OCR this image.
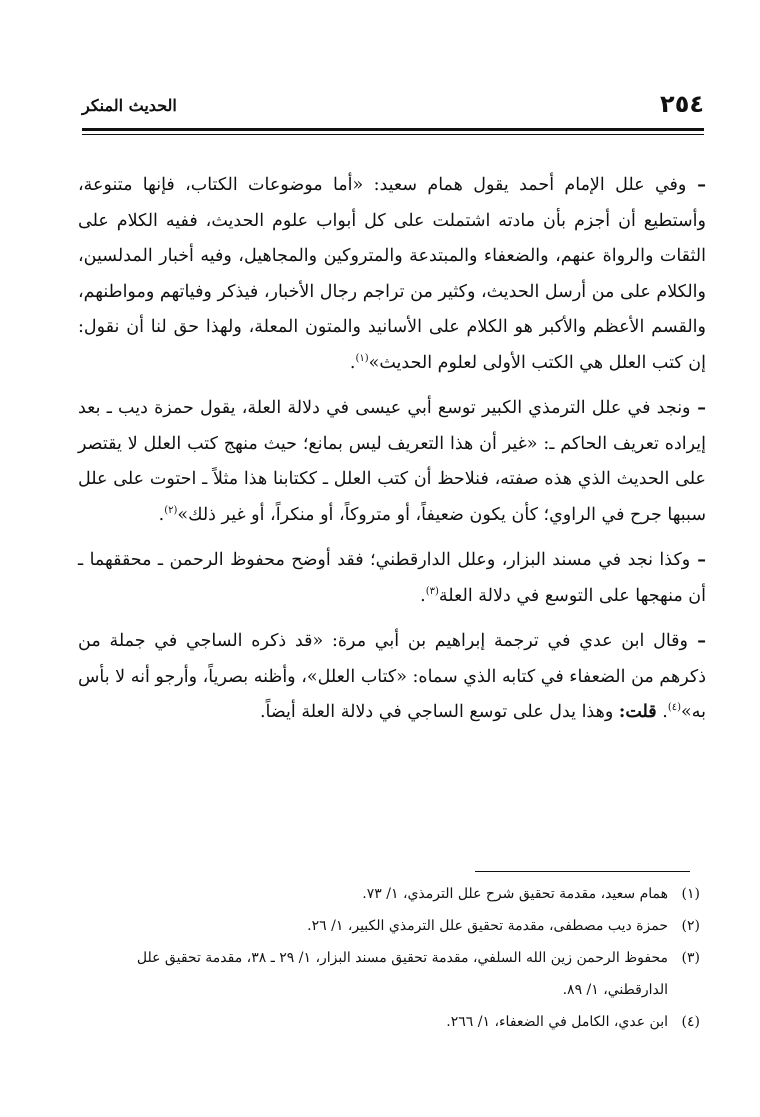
٢٥٤
الحديث المنكر

– وفي علل الإمام أحمد يقول همام سعيد: «أما موضوعات الكتاب، فإنها متنوعة، وأستطيع أن أجزم بأن مادته اشتملت على كل أبواب علوم الحديث، ففيه الكلام على الثقات والرواة عنهم، والضعفاء والمبتدعة والمتروكين والمجاهيل، وفيه أخبار المدلسين، والكلام على من أرسل الحديث، وكثير من تراجم رجال الأخبار، فيذكر وفياتهم ومواطنهم، والقسم الأعظم والأكبر هو الكلام على الأسانيد والمتون المعلة، ولهذا حق لنا أن نقول: إن كتب العلل هي الكتب الأولى لعلوم الحديث»$^{(١)}$.

– ونجد في علل الترمذي الكبير توسع أبي عيسى في دلالة العلة، يقول حمزة ديب ـ بعد إيراده تعريف الحاكم ـ: «غير أن هذا التعريف ليس بمانع؛ حيث منهج كتب العلل لا يقتصر على الحديث الذي هذه صفته، فنلاحظ أن كتب العلل ـ ككتابنا هذا مثلاً ـ احتوت على علل سببها جرح في الراوي؛ كأن يكون ضعيفاً، أو متروكاً، أو منكراً، أو غير ذلك»$^{(٢)}$.

– وكذا نجد في مسند البزار، وعلل الدارقطني؛ فقد أوضح محفوظ الرحمن ـ محققهما ـ أن منهجها على التوسع في دلالة العلة$^{(٣)}$.

– وقال ابن عدي في ترجمة إبراهيم بن أبي مرة: «قد ذكره الساجي في جملة من ذكرهم من الضعفاء في كتابه الذي سماه: «كتاب العلل»، وأظنه بصرياً، وأرجو أنه لا بأس به»$^{(٤)}$. قلت: وهذا يدل على توسع الساجي في دلالة العلة أيضاً.

(١)
همام سعيد، مقدمة تحقيق شرح علل الترمذي، ١/ ٧٣.
(٢)
حمزة ديب مصطفى، مقدمة تحقيق علل الترمذي الكبير، ١/ ٢٦.
(٣)
محفوظ الرحمن زين الله السلفي، مقدمة تحقيق مسند البزار، ١/ ٢٩ ـ ٣٨، مقدمة تحقيق علل الدارقطني، ١/ ٨٩.
(٤)
ابن عدي، الكامل في الضعفاء، ١/ ٢٦٦.
